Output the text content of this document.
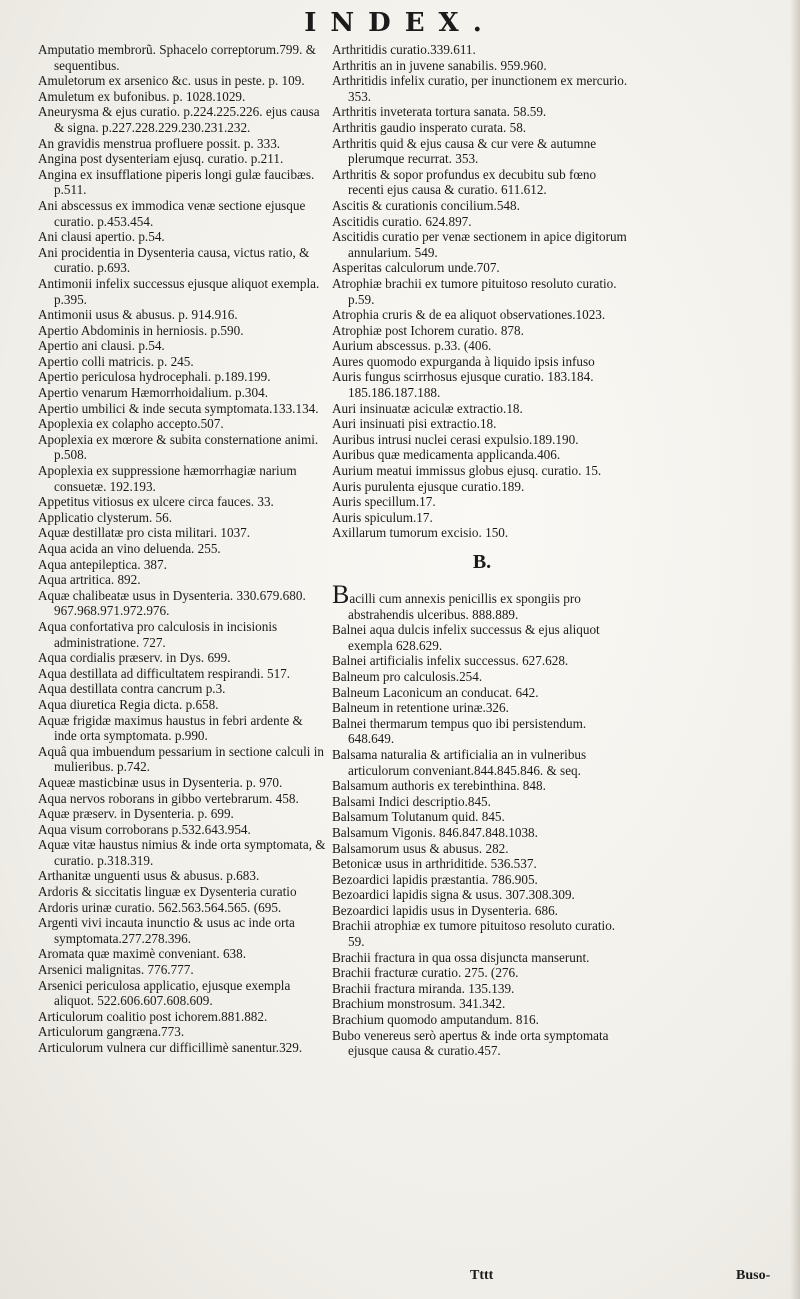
INDEX.

Amputatio membrorũ. Sphacelo correptorum.799. & sequentibus.

Amuletorum ex arsenico &c. usus in peste. p. 109.

Amuletum ex bufonibus. p. 1028.1029.

Aneurysma & ejus curatio. p.224.225.226. ejus causa & signa. p.227.228.229.230.231.232.

An gravidis menstrua profluere possit. p. 333.

Angina post dysenteriam ejusq. curatio. p.211.

Angina ex insufflatione piperis longi gulæ faucibæs. p.511.

Ani abscessus ex immodica venæ sectione ejusque curatio. p.453.454.

Ani clausi apertio. p.54.

Ani procidentia in Dysenteria causa, victus ratio, & curatio. p.693.

Antimonii infelix successus ejusque aliquot exempla. p.395.

Antimonii usus & abusus. p. 914.916.

Apertio Abdominis in herniosis. p.590.

Apertio ani clausi. p.54.

Apertio colli matricis. p. 245.

Apertio periculosa hydrocephali. p.189.199.

Apertio venarum Hæmorrhoidalium. p.304.

Apertio umbilici & inde secuta symptomata.133.134.

Apoplexia ex colapho accepto.507.

Apoplexia ex mœrore & subita consternatione animi. p.508.

Apoplexia ex suppressione hæmorrhagiæ narium consuetæ. 192.193.

Appetitus vitiosus ex ulcere circa fauces. 33.

Applicatio clysterum. 56.

Aquæ destillatæ pro cista militari. 1037.

Aqua acida an vino deluenda. 255.

Aqua antepileptica. 387.

Aqua artritica. 892.

Aquæ chalibeatæ usus in Dysenteria. 330.679.680. 967.968.971.972.976.

Aqua confortativa pro calculosis in incisionis administratione. 727.

Aqua cordialis præserv. in Dys. 699.

Aqua destillata ad difficultatem respirandi. 517.

Aqua destillata contra cancrum p.3.

Aqua diuretica Regia dicta. p.658.

Aquæ frigidæ maximus haustus in febri ardente & inde orta symptomata. p.990.

Aquâ qua imbuendum pessarium in sectione calculi in mulieribus. p.742.

Aqueæ masticbinæ usus in Dysenteria. p. 970.

Aqua nervos roborans in gibbo vertebrarum. 458.

Aquæ præserv. in Dysenteria. p. 699.

Aqua visum corroborans p.532.643.954.

Aquæ vitæ haustus nimius & inde orta symptomata, & curatio. p.318.319.

Arthanitæ unguenti usus & abusus. p.683.

Ardoris & siccitatis linguæ ex Dysenteria curatio

Ardoris urinæ curatio. 562.563.564.565. (695.

Argenti vivi incauta inunctio & usus ac inde orta symptomata.277.278.396.

Aromata quæ maximè conveniant. 638.

Arsenici malignitas. 776.777.

Arsenici periculosa applicatio, ejusque exempla aliquot. 522.606.607.608.609.

Articulorum coalitio post ichorem.881.882.

Articulorum gangræna.773.

Articulorum vulnera cur difficillimè sanentur.329.

Arthritidis curatio.339.611.

Arthritis an in juvene sanabilis. 959.960.

Arthritidis infelix curatio, per inunctionem ex mercurio. 353.

Arthritis inveterata tortura sanata. 58.59.

Arthritis gaudio insperato curata. 58.

Arthritis quid & ejus causa & cur vere & autumne plerumque recurrat. 353.

Arthritis & sopor profundus ex decubitu sub fœno recenti ejus causa & curatio. 611.612.

Ascitis & curationis concilium.548.

Ascitidis curatio. 624.897.

Ascitidis curatio per venæ sectionem in apice digitorum annularium. 549.

Asperitas calculorum unde.707.

Atrophiæ brachii ex tumore pituitoso resoluto curatio. p.59.

Atrophia cruris & de ea aliquot observationes.1023.

Atrophiæ post Ichorem curatio. 878.

Aurium abscessus. p.33. (406.

Aures quomodo expurganda à liquido ipsis infuso

Auris fungus scirrhosus ejusque curatio. 183.184. 185.186.187.188.

Auri insinuatæ aciculæ extractio.18.

Auri insinuati pisi extractio.18.

Auribus intrusi nuclei cerasi expulsio.189.190.

Auribus quæ medicamenta applicanda.406.

Aurium meatui immissus globus ejusq. curatio. 15.

Auris purulenta ejusque curatio.189.

Auris specillum.17.

Auris spiculum.17.

Axillarum tumorum excisio. 150.

B.

Bacilli cum annexis penicillis ex spongiis pro abstrahendis ulceribus. 888.889.

Balnei aqua dulcis infelix successus & ejus aliquot exempla 628.629.

Balnei artificialis infelix successus. 627.628.

Balneum pro calculosis.254.

Balneum Laconicum an conducat. 642.

Balneum in retentione urinæ.326.

Balnei thermarum tempus quo ibi persistendum. 648.649.

Balsama naturalia & artificialia an in vulneribus articulorum conveniant.844.845.846. & seq.

Balsamum authoris ex terebinthina. 848.

Balsami Indici descriptio.845.

Balsamum Tolutanum quid. 845.

Balsamum Vigonis. 846.847.848.1038.

Balsamorum usus & abusus. 282.

Betonicæ usus in arthriditide. 536.537.

Bezoardici lapidis præstantia. 786.905.

Bezoardici lapidis signa & usus. 307.308.309.

Bezoardici lapidis usus in Dysenteria. 686.

Brachii atrophiæ ex tumore pituitoso resoluto curatio. 59.

Brachii fractura in qua ossa disjuncta manserunt.

Brachii fracturæ curatio. 275. (276.

Brachii fractura miranda. 135.139.

Brachium monstrosum. 341.342.

Brachium quomodo amputandum. 816.

Bubo venereus serò apertus & inde orta symptomata ejusque causa & curatio.457.

Tttt	Buso-
